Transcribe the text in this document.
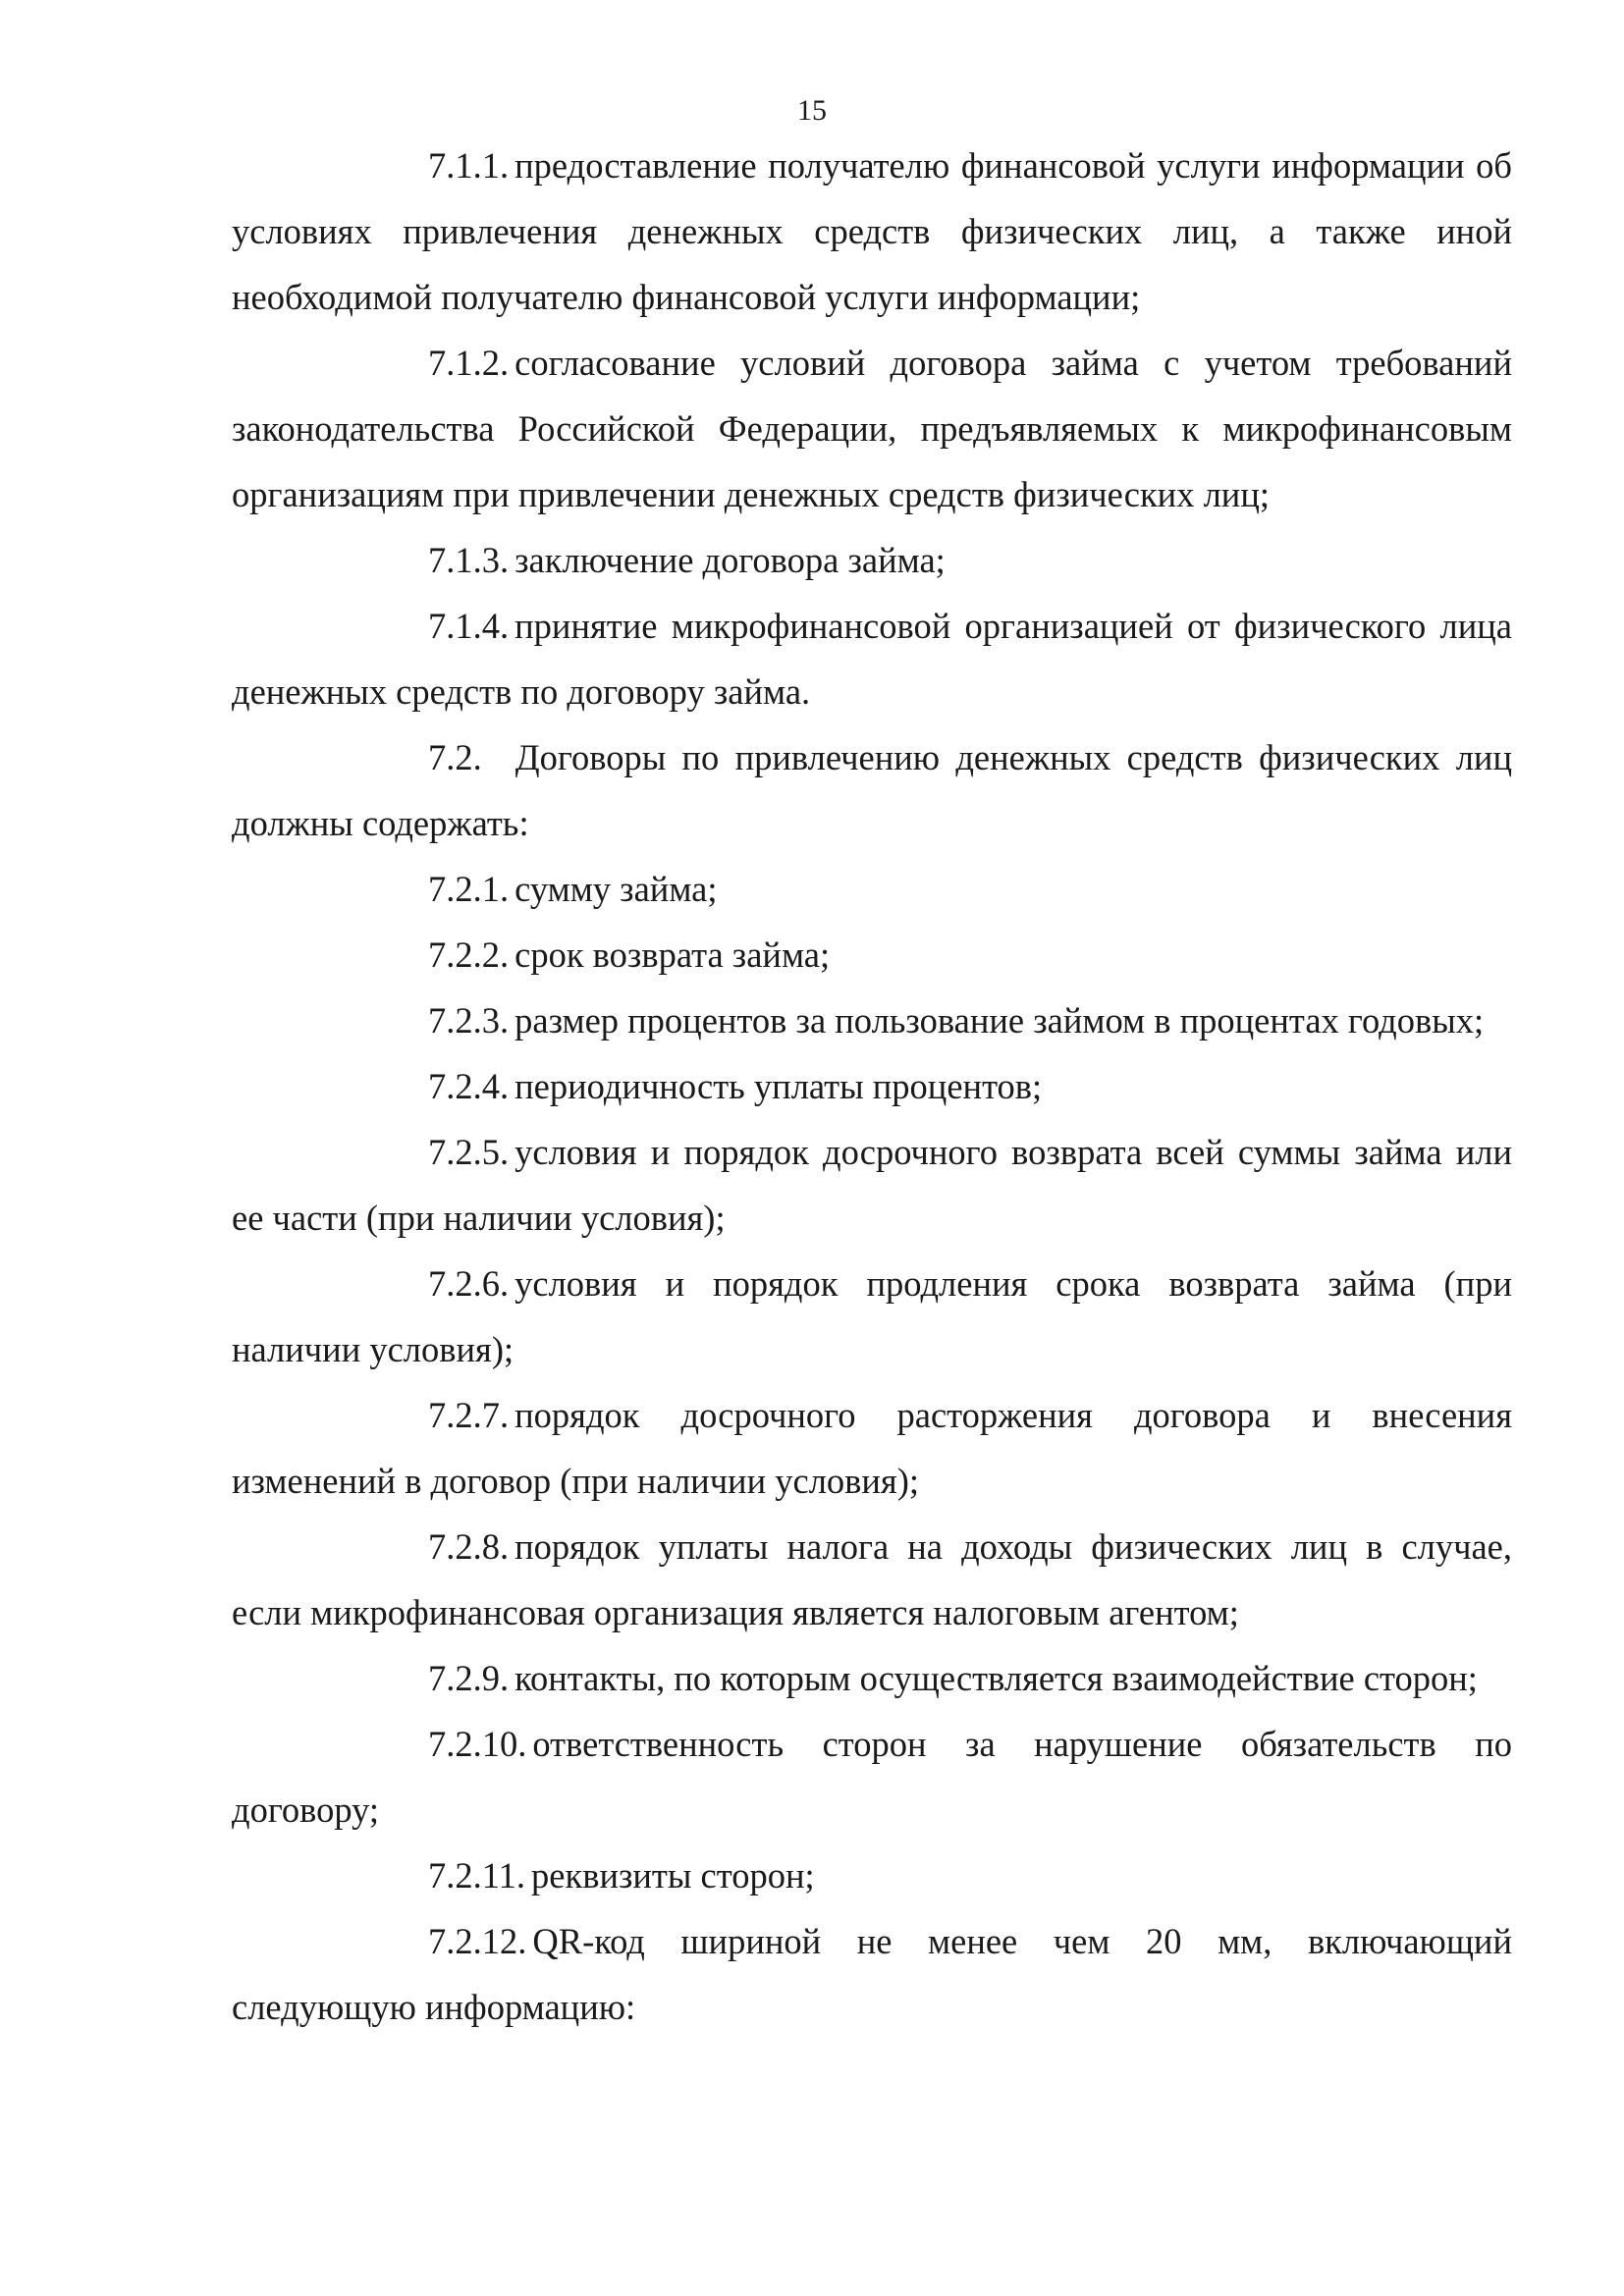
15

7.1.1. предоставление получателю финансовой услуги информации об условиях привлечения денежных средств физических лиц, а также иной необходимой получателю финансовой услуги информации;

7.1.2. согласование условий договора займа с учетом требований законодательства Российской Федерации, предъявляемых к микрофинансовым организациям при привлечении денежных средств физических лиц;

7.1.3. заключение договора займа;

7.1.4. принятие микрофинансовой организацией от физического лица денежных средств по договору займа.

7.2. Договоры по привлечению денежных средств физических лиц должны содержать:

7.2.1. сумму займа;

7.2.2. срок возврата займа;

7.2.3. размер процентов за пользование займом в процентах годовых;

7.2.4. периодичность уплаты процентов;

7.2.5. условия и порядок досрочного возврата всей суммы займа или ее части (при наличии условия);

7.2.6. условия и порядок продления срока возврата займа (при наличии условия);

7.2.7. порядок досрочного расторжения договора и внесения изменений в договор (при наличии условия);

7.2.8. порядок уплаты налога на доходы физических лиц в случае, если микрофинансовая организация является налоговым агентом;

7.2.9. контакты, по которым осуществляется взаимодействие сторон;

7.2.10. ответственность сторон за нарушение обязательств по договору;

7.2.11. реквизиты сторон;

7.2.12. QR-код шириной не менее чем 20 мм, включающий следующую информацию:
